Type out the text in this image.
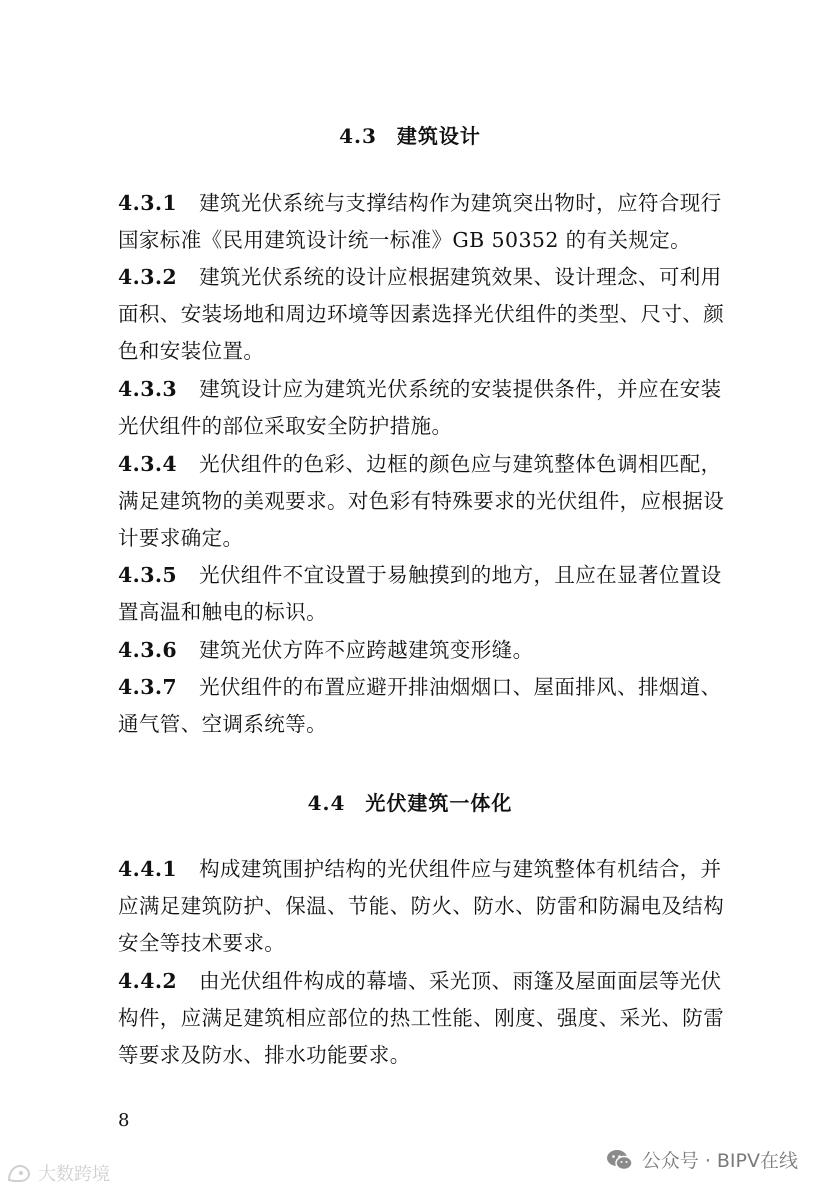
4.3 建筑设计
4.3.1 建筑光伏系统与支撑结构作为建筑突出物时，应符合现行国家标准《民用建筑设计统一标准》GB 50352 的有关规定。
4.3.2 建筑光伏系统的设计应根据建筑效果、设计理念、可利用面积、安装场地和周边环境等因素选择光伏组件的类型、尺寸、颜色和安装位置。
4.3.3 建筑设计应为建筑光伏系统的安装提供条件，并应在安装光伏组件的部位采取安全防护措施。
4.3.4 光伏组件的色彩、边框的颜色应与建筑整体色调相匹配，满足建筑物的美观要求。对色彩有特殊要求的光伏组件，应根据设计要求确定。
4.3.5 光伏组件不宜设置于易触摸到的地方，且应在显著位置设置高温和触电的标识。
4.3.6 建筑光伏方阵不应跨越建筑变形缝。
4.3.7 光伏组件的布置应避开排油烟烟口、屋面排风、排烟道、通气管、空调系统等。
4.4 光伏建筑一体化
4.4.1 构成建筑围护结构的光伏组件应与建筑整体有机结合，并应满足建筑防护、保温、节能、防火、防水、防雷和防漏电及结构安全等技术要求。
4.4.2 由光伏组件构成的幕墙、采光顶、雨篷及屋面面层等光伏构件，应满足建筑相应部位的热工性能、刚度、强度、采光、防雷等要求及防水、排水功能要求。
8
大数跨境
公众号 · BIPV在线
